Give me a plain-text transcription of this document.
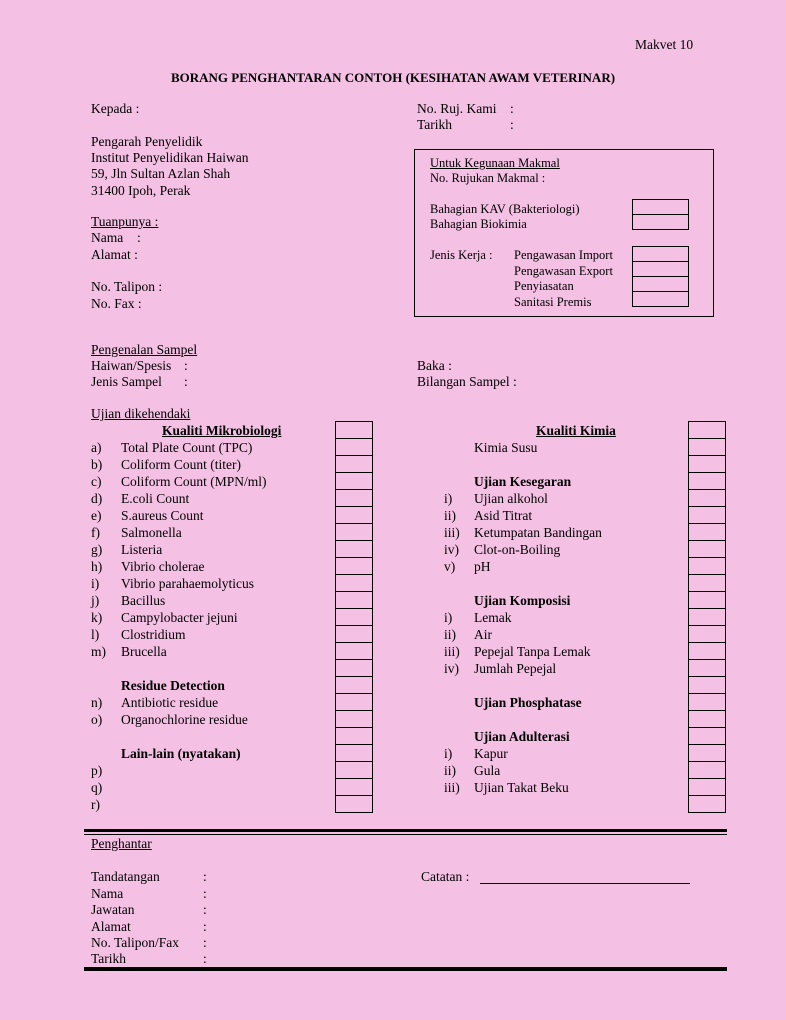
Makvet 10
BORANG PENGHANTARAN CONTOH (KESIHATAN AWAM VETERINAR)
Kepada :	No. Ruj. Kami :
Tarikh	:
Pengarah Penyelidik
Institut Penyelidikan Haiwan
59, Jln Sultan Azlan Shah
31400 Ipoh, Perak
Tuanpunya :
Nama :
Alamat :
No. Talipon :
No. Fax :
Untuk Kegunaan Makmal
No. Rujukan Makmal :
Bahagian KAV (Bakteriologi)
Bahagian Biokimia
Jenis Kerja : Pengawasan Import
Pengawasan Export
Penyiasatan
Sanitasi Premis
Pengenalan Sampel
Haiwan/Spesis :
Jenis Sampel :
Baka :
Bilangan Sampel :
Ujian dikehendaki
Kualiti Mikrobiologi
a) Total Plate Count (TPC)
b) Coliform Count (titer)
c) Coliform Count (MPN/ml)
d) E.coli Count
e) S.aureus Count
f) Salmonella
g) Listeria
h) Vibrio cholerae
i) Vibrio parahaemolyticus
j) Bacillus
k) Campylobacter jejuni
l) Clostridium
m) Brucella
Residue Detection
n) Antibiotic residue
o) Organochlorine residue
Lain-lain (nyatakan)
p)
q)
r)
Kualiti Kimia
Kimia Susu
Ujian Kesegaran
i) Ujian alkohol
ii) Asid Titrat
iii) Ketumpatan Bandingan
iv) Clot-on-Boiling
v) pH
Ujian Komposisi
i) Lemak
ii) Air
iii) Pepejal Tanpa Lemak
iv) Jumlah Pepejal
Ujian Phosphatase
Ujian Adulterasi
i) Kapur
ii) Gula
iii) Ujian Takat Beku
Penghantar
Tandatangan	:
Nama	:
Jawatan	:
Alamat	:
No. Talipon/Fax :
Tarikh	:
Catatan :
